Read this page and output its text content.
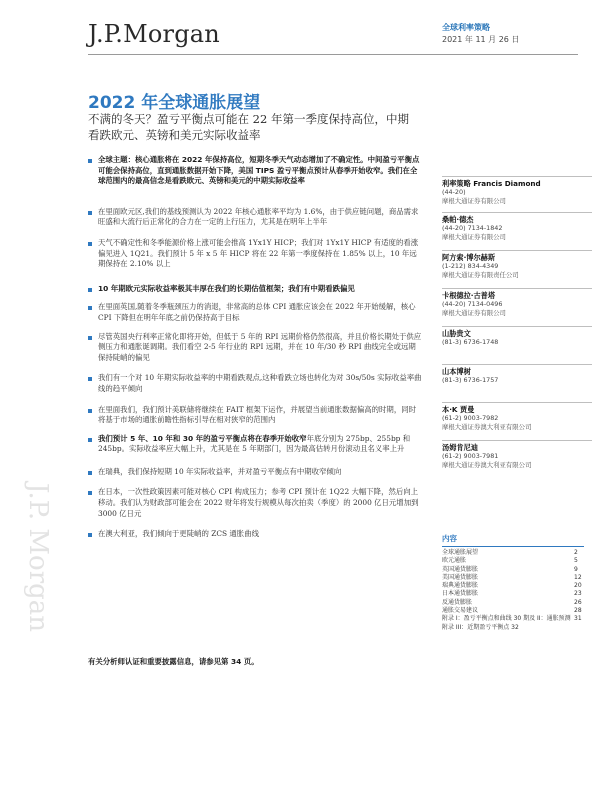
J.P.Morgan	全球利率策略
2021 年 11 月 26 日
2022 年全球通胀展望
不满的冬天？盈亏平衡点可能在 22 年第一季度保持高位，中期看跌欧元、英镑和美元实际收益率
J.P. Morgan
全球主题：核心通胀将在 2022 年保持高位，短期冬季天气动态增加了不确定性。中间盈亏平衡点可能会保持高位，直到通胀数据开始下降，美国 TIPS 盈亏平衡点预计从春季开始收窄。我们在全球范围内的最高信念是看跌欧元、英镑和美元的中期实际收益率
在里面欧元区,我们的基线预测认为 2022 年核心通胀率平均为 1.6%，由于供应链问题，商品需求旺盛和大流行后正常化的合力在一定的上行压力，尤其是在明年上半年
天气不确定性和冬季能源价格上涨可能会推高 1Yx1Y HICP；我们对 1Yx1Y HICP 有适度的看涨偏见进入 1Q21。我们预计 5 年 x 5 年 HICP 将在 22 年第一季度保持在 1.85% 以上，10 年远期保持在 2.10% 以上
10 年期欧元实际收益率极其丰厚在我们的长期估值框架；我们有中期看跌偏见
在里面英国,随着冬季瓶颈压力的消退，非常高的总体 CPI 通胀应该会在 2022 年开始缓解，核心 CPI 下降但在明年年底之前仍保持高于目标
尽管英国央行利率正常化即将开始，但低于 5 年的 RPI 远期价格仍然很高，并且价格长期处于供应侧压力和通胀诞调期。我们看空 2-5 年行业的 RPI 远期，并在 10 年/30 秒 RPI 曲线完全或远期保持陡峭的偏见
我们有一个对 10 年期实际收益率的中期看跌观点,这种看跌立场也转化为对 30s/50s 实际收益率曲线的趋平倾向
在里面我们，我们预计美联储将继续在 FAIT 框架下运作，并展望当前通胀数据偏高的时期，同时将基于市场的通胀前瞻性指标引导在相对狭窄的范围内
我们预计 5 年、10 年和 30 年的盈亏平衡点将在春季开始收窄年底分别为 275bp、255bp 和 245bp。实际收益率应大幅上升，尤其是在 5 年期部门，因为最高估转月份滚动且名义率上升
在瑞典，我们保持短期 10 年实际收益率，并对盈亏平衡点有中期收窄倾向
在日本，一次性政策因素可能对核心 CPI 构成压力；参考 CPI 预计在 1Q22 大幅下降，然后向上移动。我们认为财政部可能会在 2022 财年将发行规模从每次拍卖（季度）的 2000 亿日元增加到 3000 亿日元
在澳大利亚，我们倾向于更陡峭的 ZCS 通胀曲线
利率策略 Francis Diamond
(44-20)
摩根大通证券有限公司
桑帕·德杰
(44-20) 7134-1842
摩根大通证券有限公司
阿方索·博尔赫斯
(1-212) 834-4349
摩根大通证券有限责任公司
卡根德拉·古普塔
(44-20) 7134-0496
摩根大通证券有限公司
山胁贵文
(81-3) 6736-1748
山本博树
(81-3) 6736-1757
本·K 贾曼
(61-2) 9003-7982
摩根大通证券澳大利亚有限公司
汤姆肯尼迪
(61-2) 9003-7981
摩根大通证券澳大利亚有限公司
内容
全球通胀展望	2
欧元通胀	5
英国通货膨胀	9
美国通货膨胀	12
瑞典通货膨胀	20
日本通货膨胀	23
反通货膨胀	26
通胀交易建议	28
附录 I：盈亏平衡点和曲线 30 期及 II：通胀预测 31
附录 III：近期盈亏平衡点 32
有关分析师认证和重要披露信息，请参见第 34 页。
